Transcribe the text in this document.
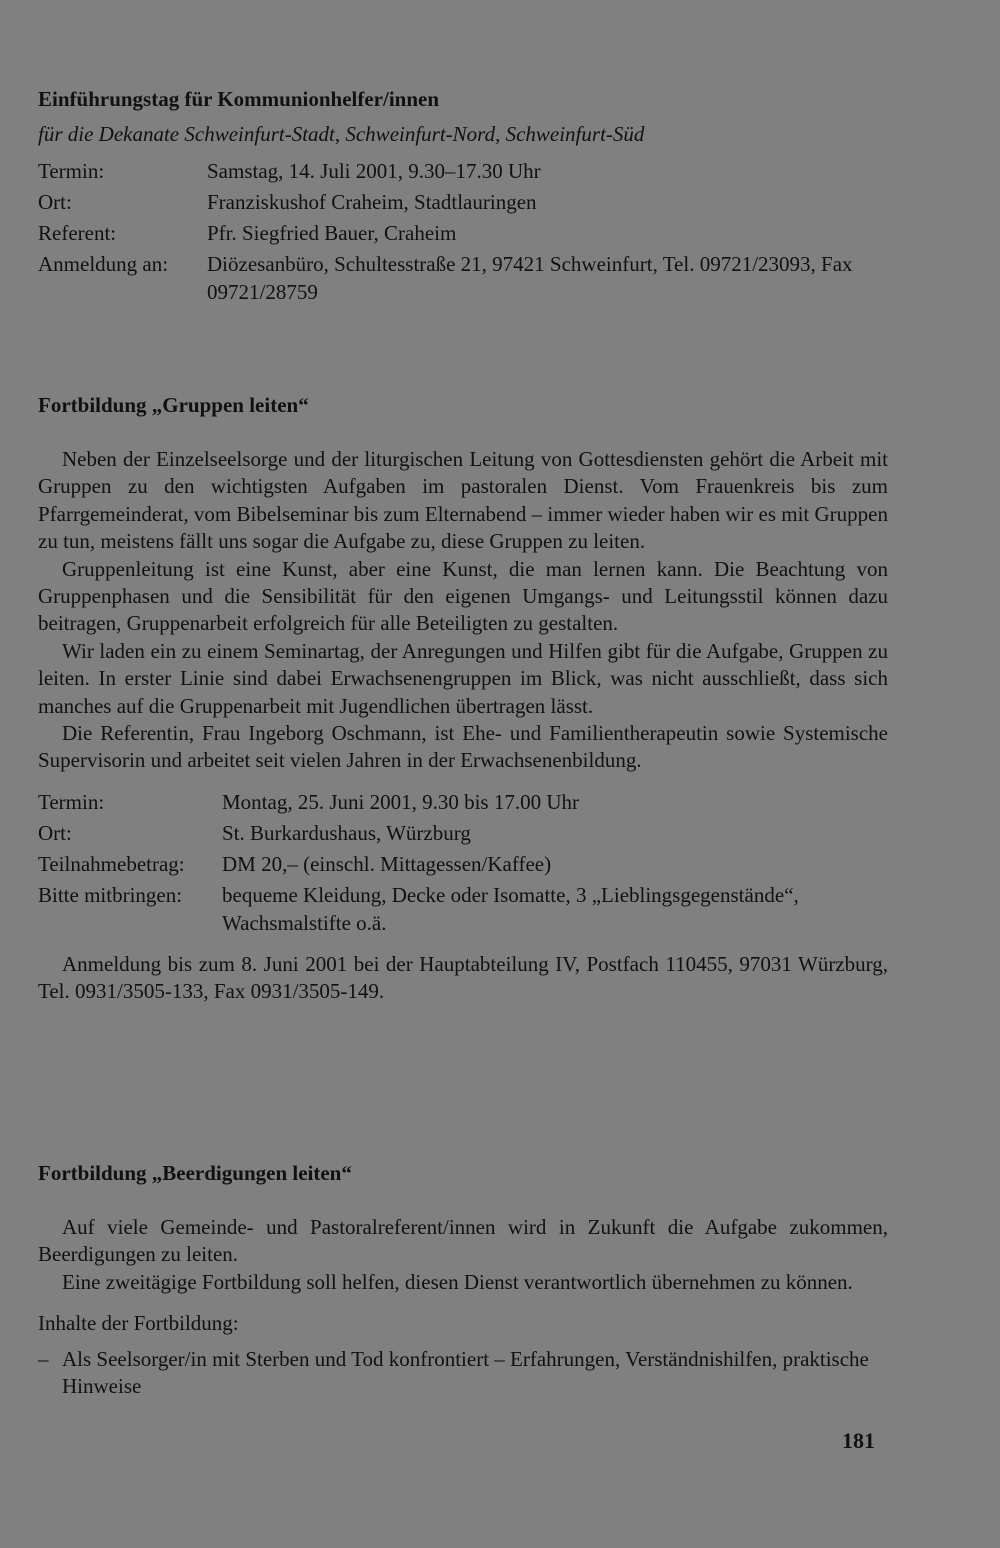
Einführungstag für Kommunionhelfer/innen
für die Dekanate Schweinfurt-Stadt, Schweinfurt-Nord, Schweinfurt-Süd
Termin:	Samstag, 14. Juli 2001, 9.30–17.30 Uhr
Ort:	Franziskushof Craheim, Stadtlauringen
Referent:	Pfr. Siegfried Bauer, Craheim
Anmeldung an:	Diözesanbüro, Schultesstraße 21, 97421 Schweinfurt, Tel. 09721/23093, Fax 09721/28759
Fortbildung „Gruppen leiten“

Neben der Einzelseelsorge und der liturgischen Leitung von Gottesdiensten gehört die Arbeit mit Gruppen zu den wichtigsten Aufgaben im pastoralen Dienst. Vom Frauenkreis bis zum Pfarrgemeinderat, vom Bibelseminar bis zum Elternabend – immer wieder haben wir es mit Gruppen zu tun, meistens fällt uns sogar die Aufgabe zu, diese Gruppen zu leiten.

Gruppenleitung ist eine Kunst, aber eine Kunst, die man lernen kann. Die Beachtung von Gruppenphasen und die Sensibilität für den eigenen Umgangs- und Leitungsstil können dazu beitragen, Gruppenarbeit erfolgreich für alle Beteiligten zu gestalten.

Wir laden ein zu einem Seminartag, der Anregungen und Hilfen gibt für die Aufgabe, Gruppen zu leiten. In erster Linie sind dabei Erwachsenengruppen im Blick, was nicht ausschließt, dass sich manches auf die Gruppenarbeit mit Jugendlichen übertragen lässt.

Die Referentin, Frau Ingeborg Oschmann, ist Ehe- und Familientherapeutin sowie Systemische Supervisorin und arbeitet seit vielen Jahren in der Erwachsenenbildung.

Termin:	Montag, 25. Juni 2001, 9.30 bis 17.00 Uhr
Ort:	St. Burkardushaus, Würzburg
Teilnahmebetrag:	DM 20,– (einschl. Mittagessen/Kaffee)
Bitte mitbringen:	bequeme Kleidung, Decke oder Isomatte, 3 „Lieblingsgegenstände“, Wachsmalstifte o.ä.

Anmeldung bis zum 8. Juni 2001 bei der Hauptabteilung IV, Postfach 110455, 97031 Würzburg, Tel. 0931/3505-133, Fax 0931/3505-149.

Fortbildung „Beerdigungen leiten“

Auf viele Gemeinde- und Pastoralreferent/innen wird in Zukunft die Aufgabe zukommen, Beerdigungen zu leiten.

Eine zweitägige Fortbildung soll helfen, diesen Dienst verantwortlich übernehmen zu können.

Inhalte der Fortbildung:

– Als Seelsorger/in mit Sterben und Tod konfrontiert – Erfahrungen, Verständnishilfen, praktische Hinweise
181
